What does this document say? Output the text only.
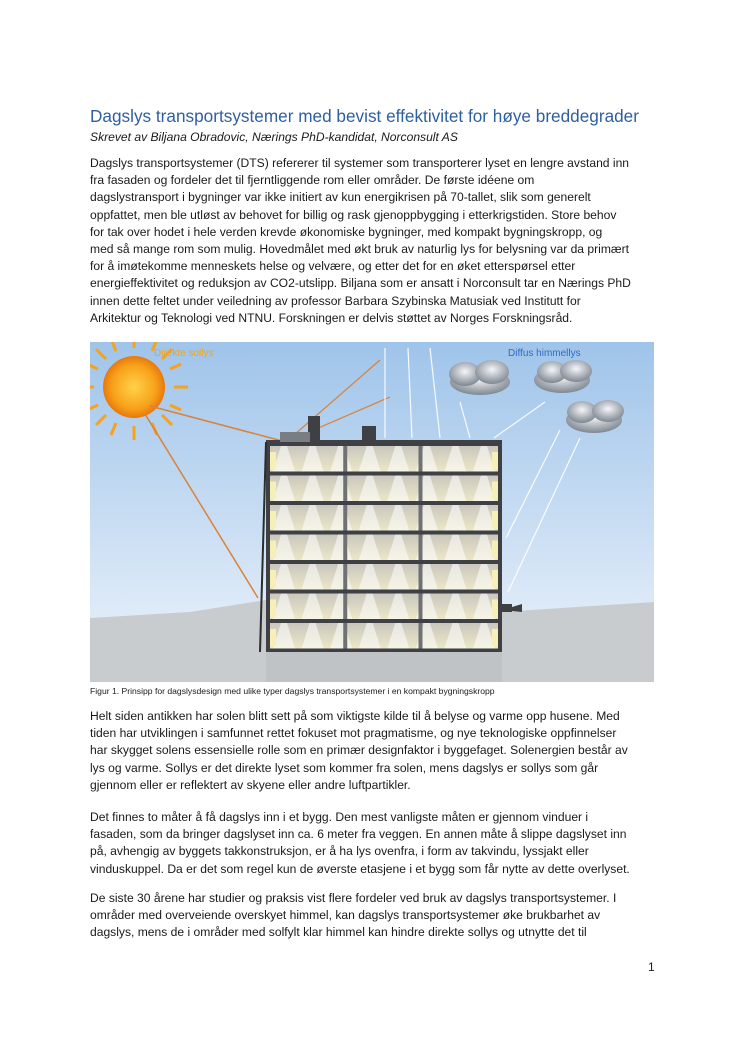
Dagslys transportsystemer med bevist effektivitet for høye breddegrader
Skrevet av Biljana Obradovic, Nærings PhD-kandidat, Norconsult AS
Dagslys transportsystemer (DTS) refererer til systemer som transporterer lyset en lengre avstand inn
fra fasaden og fordeler det til fjerntliggende rom eller områder. De første idéene om
dagslystransport i bygninger var ikke initiert av kun energikrisen på 70-tallet, slik som generelt
oppfattet, men ble utløst av behovet for billig og rask gjenoppbygging i etterkrigstiden. Store behov
for tak over hodet i hele verden krevde økonomiske bygninger, med kompakt bygningskropp, og
med så mange rom som mulig. Hovedmålet med økt bruk av naturlig lys for belysning var da primært
for å imøtekomme menneskets helse og velvære, og etter det for en øket etterspørsel etter
energieffektivitet og reduksjon av CO2-utslipp. Biljana som er ansatt i Norconsult tar en Nærings PhD
innen dette feltet under veiledning av professor Barbara Szybinska Matusiak ved Institutt for
Arkitektur og Teknologi ved NTNU. Forskningen er delvis støttet av Norges Forskningsråd.
Direkte sollys	Diffus himmellys
Figur 1. Prinsipp for dagslysdesign med ulike typer dagslys transportsystemer i en kompakt bygningskropp
Helt siden antikken har solen blitt sett på som viktigste kilde til å belyse og varme opp husene. Med
tiden har utviklingen i samfunnet rettet fokuset mot pragmatisme, og nye teknologiske oppfinnelser
har skygget solens essensielle rolle som en primær designfaktor i byggefaget. Solenergien består av
lys og varme. Sollys er det direkte lyset som kommer fra solen, mens dagslys er sollys som går
gjennom eller er reflektert av skyene eller andre luftpartikler.
Det finnes to måter å få dagslys inn i et bygg. Den mest vanligste måten er gjennom vinduer i
fasaden, som da bringer dagslyset inn ca. 6 meter fra veggen. En annen måte å slippe dagslyset inn
på, avhengig av byggets takkonstruksjon, er å ha lys ovenfra, i form av takvindu, lyssjakt eller
vinduskuppel. Da er det som regel kun de øverste etasjene i et bygg som får nytte av dette overlyset.
De siste 30 årene har studier og praksis vist flere fordeler ved bruk av dagslys transportsystemer. I
områder med overveiende overskyet himmel, kan dagslys transportsystemer øke brukbarhet av
dagslys, mens de i områder med solfylt klar himmel kan hindre direkte sollys og utnytte det til
1
